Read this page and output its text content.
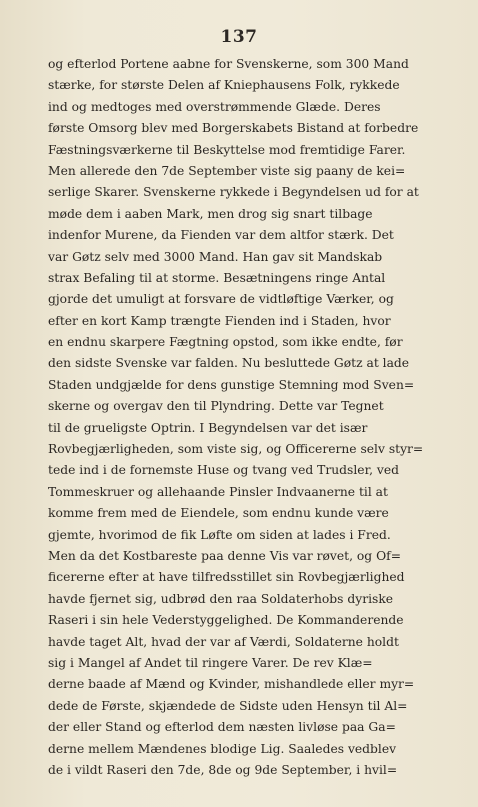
137
og efterlod Portene aabne for Svenskerne, som 300 Mand
stærke, for største Delen af Kniephausens Folk, rykkede
ind og medtoges med overstrømmende Glæde. Deres
første Omsorg blev med Borgerskabets Bistand at forbedre
Fæstningsværkerne til Beskyttelse mod fremtidige Farer.
Men allerede den 7de September viste sig paany de kei=
serlige Skarer. Svenskerne rykkede i Begyndelsen ud for at
møde dem i aaben Mark, men drog sig snart tilbage
indenfor Murene, da Fienden var dem altfor stærk. Det
var Gøtz selv med 3000 Mand. Han gav sit Mandskab
strax Befaling til at storme. Besætningens ringe Antal
gjorde det umuligt at forsvare de vidtløftige Værker, og
efter en kort Kamp trængte Fienden ind i Staden, hvor
en endnu skarpere Fægtning opstod, som ikke endte, før
den sidste Svenske var falden. Nu besluttede Gøtz at lade
Staden undgjælde for dens gunstige Stemning mod Sven=
skerne og overgav den til Plyndring. Dette var Tegnet
til de grueligste Optrin. I Begyndelsen var det især
Rovbegjærligheden, som viste sig, og Officererne selv styr=
tede ind i de fornemste Huse og tvang ved Trudsler, ved
Tommeskruer og allehaande Pinsler Indvaanerne til at
komme frem med de Eiendele, som endnu kunde være
gjemte, hvorimod de fik Løfte om siden at lades i Fred.
Men da det Kostbareste paa denne Vis var røvet, og Of=
ficererne efter at have tilfredsstillet sin Rovbegjærlighed
havde fjernet sig, udbrød den raa Soldaterhobs dyriske
Raseri i sin hele Vederstyggelighed. De Kommanderende
havde taget Alt, hvad der var af Værdi, Soldaterne holdt
sig i Mangel af Andet til ringere Varer. De rev Klæ=
derne baade af Mænd og Kvinder, mishandlede eller myr=
dede de Første, skjændede de Sidste uden Hensyn til Al=
der eller Stand og efterlod dem næsten livløse paa Ga=
derne mellem Mændenes blodige Lig. Saaledes vedblev
de i vildt Raseri den 7de, 8de og 9de September, i hvil=
